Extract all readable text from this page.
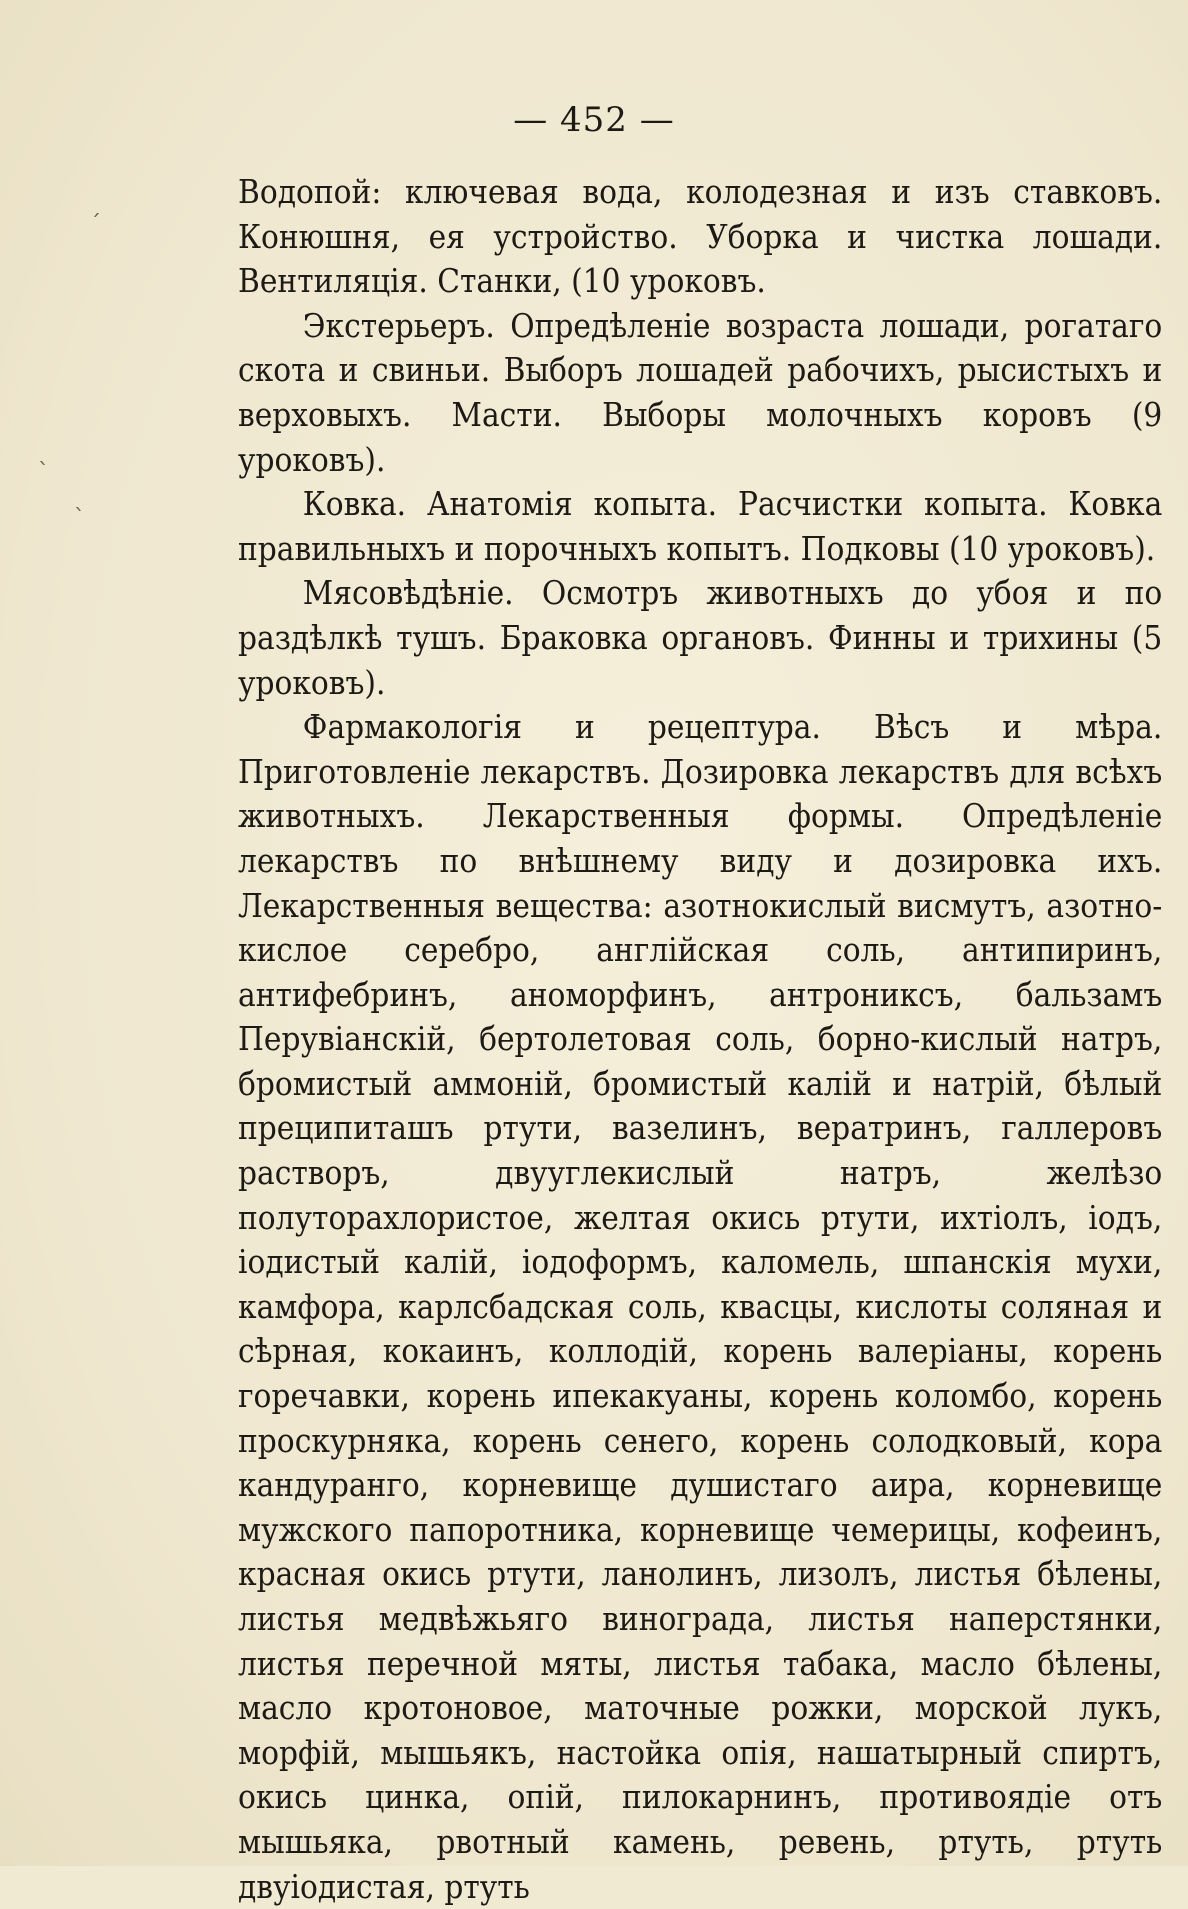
— 452 —

Водопой: ключевая вода, колодезная и изъ ставковъ. Конюшня, ея устройство. Уборка и чистка лошади. Вентиляція. Станки, (10 уроковъ.

Экстерьеръ. Опредѣленіе возраста лошади, рогатаго скота и свиньи. Выборъ лошадей рабочихъ, рысистыхъ и верховыхъ. Масти. Выборы молочныхъ коровъ (9 уроковъ).

Ковка. Анатомія копыта. Расчистки копыта. Ковка правильныхъ и порочныхъ копытъ. Подковы (10 уроковъ).

Мясовѣдѣніе. Осмотръ животныхъ до убоя и по раздѣлкѣ тушъ. Браковка органовъ. Финны и трихины (5 уроковъ).

Фармакологія и рецептура. Вѣсъ и мѣра. Приготовленіе лекарствъ. Дозировка лекарствъ для всѣхъ животныхъ. Лекарственныя формы. Опредѣленіе лекарствъ по внѣшнему виду и дозировка ихъ. Лекарственныя вещества: азотнокислый висмутъ, азотно-кислое серебро, англійская соль, антипиринъ, антифебринъ, аноморфинъ, антрониксъ, бальзамъ Перувіанскій, бертолетовая соль, борно-кислый натръ, бромистый аммоній, бромистый калій и натрій, бѣлый преципиташъ ртути, вазелинъ, вератринъ, галлеровъ растворъ, двууглекислый натръ, желѣзо полуторахлористое, желтая окись ртути, ихтіолъ, іодъ, іодистый калій, іодоформъ, каломель, шпанскія мухи, камфора, карлсбадская соль, квасцы, кислоты соляная и сѣрная, кокаинъ, коллодій, корень валеріаны, корень горечавки, корень ипекакуаны, корень коломбо, корень проскурняка, корень сенего, корень солодковый, кора кандуранго, корневище душистаго аира, корневище мужского папоротника, корневище чемерицы, кофеинъ, красная окись ртути, ланолинъ, лизолъ, листья бѣлены, листья медвѣжьяго винограда, листья наперстянки, листья перечной мяты, листья табака, масло бѣлены, масло кротоновое, маточные рожки, морской лукъ, морфій, мышьякъ, настойка опія, нашатырный спиртъ, окись цинка, опій, пилокарнинъ, противоядіе отъ мышьяка, рвотный камень, ревень, ртуть, ртуть двуіодистая, ртуть

ˊ
ˋ
ˋ
